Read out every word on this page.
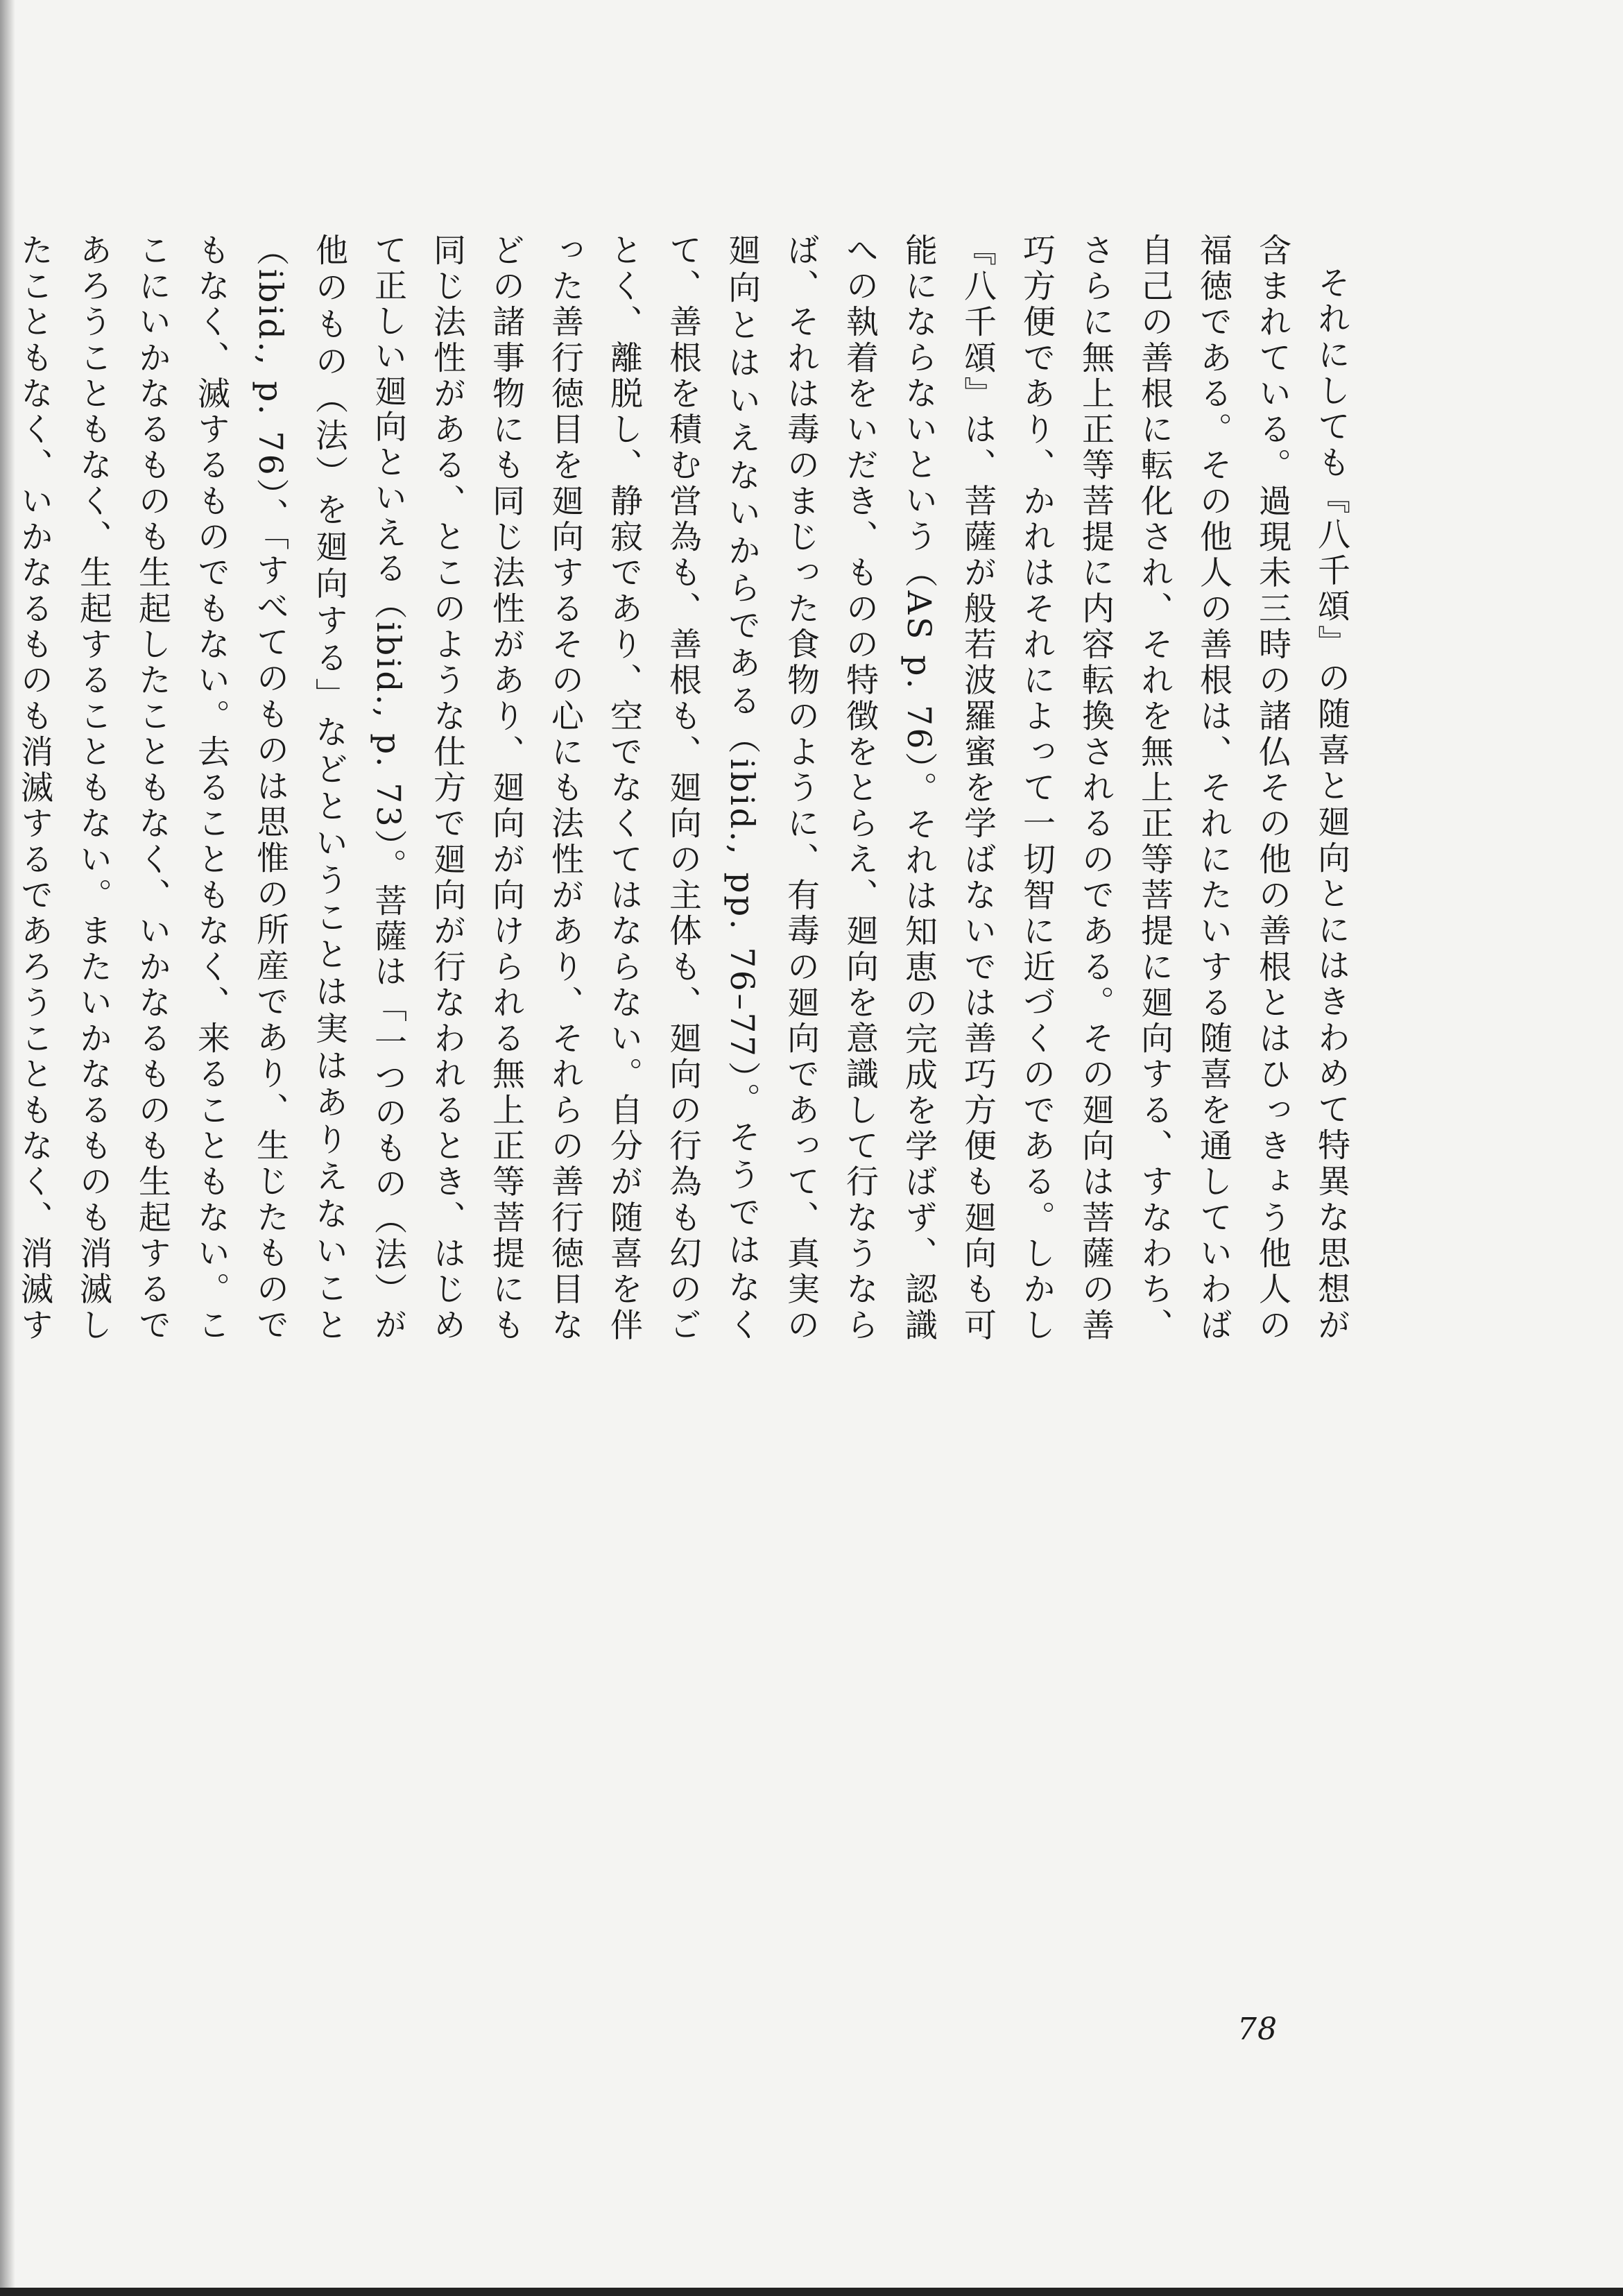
それにしても『八千頌』の随喜と廻向とにはきわめて特異な思想が含まれている。過現未三時の諸仏その他の善根とはひっきょう他人の福徳である。その他人の善根は、それにたいする随喜を通していわば自己の善根に転化され、それを無上正等菩提に廻向する、すなわち、さらに無上正等菩提に内容転換されるのである。その廻向は菩薩の善巧方便であり、かれはそれによって一切智に近づくのである。しかし『八千頌』は、菩薩が般若波羅蜜を学ばないでは善巧方便も廻向も可能にならないという（AS p. 76）。それは知恵の完成を学ばず、認識への執着をいだき、ものの特徴をとらえ、廻向を意識して行なうならば、それは毒のまじった食物のように、有毒の廻向であって、真実の廻向とはいえないからである（ibid., pp. 76–77）。そうではなくて、善根を積む営為も、善根も、廻向の主体も、廻向の行為も幻のごとく、離脱し、静寂であり、空でなくてはならない。自分が随喜を伴った善行徳目を廻向するその心にも法性があり、それらの善行徳目などの諸事物にも同じ法性があり、廻向が向けられる無上正等菩提にも同じ法性がある、とこのような仕方で廻向が行なわれるとき、はじめて正しい廻向といえる（ibid., p. 73）。菩薩は「一つのもの（法）が他のもの（法）を廻向する」などということは実はありえないこと（ibid., p. 76）、「すべてのものは思惟の所産であり、生じたものでもなく、滅するものでもない。去ることもなく、来ることもない。ここにいかなるものも生起したこともなく、いかなるものも生起するであろうこともなく、生起することもない。またいかなるものも消滅したこともなく、いかなるものも消滅するであろうこともなく、消滅す

78
